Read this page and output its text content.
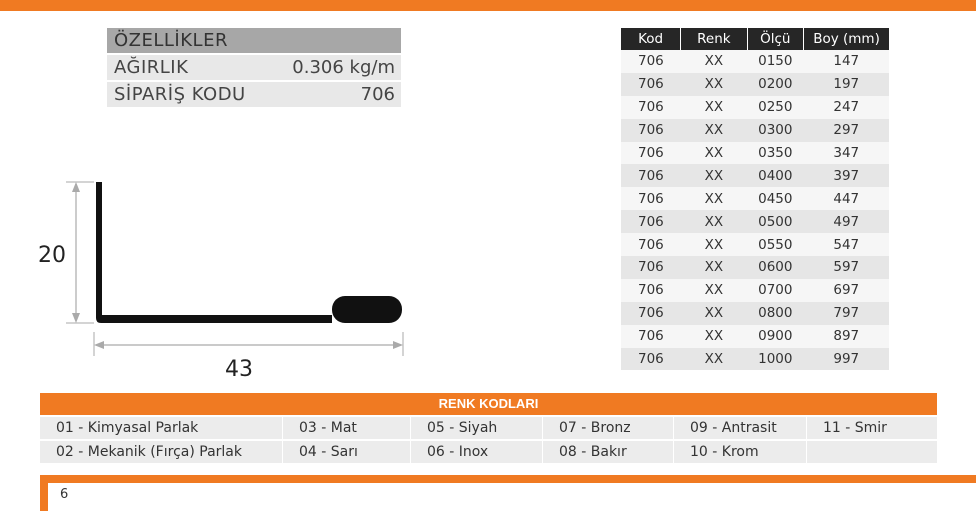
ÖZELLİKLER
AĞIRLIK	0.306 kg/m
SİPARİŞ KODU	706
20
43
Kod	Renk	Ölçü	Boy (mm)
706	XX	0150	147
706	XX	0200	197
706	XX	0250	247
706	XX	0300	297
706	XX	0350	347
706	XX	0400	397
706	XX	0450	447
706	XX	0500	497
706	XX	0550	547
706	XX	0600	597
706	XX	0700	697
706	XX	0800	797
706	XX	0900	897
706	XX	1000	997
RENK KODLARI
01 - Kimyasal Parlak	03 - Mat	05 - Siyah	07 - Bronz	09 - Antrasit	11 - Smir
02 - Mekanik (Fırça) Parlak	04 - Sarı	06 - Inox	08 - Bakır	10 - Krom
6
